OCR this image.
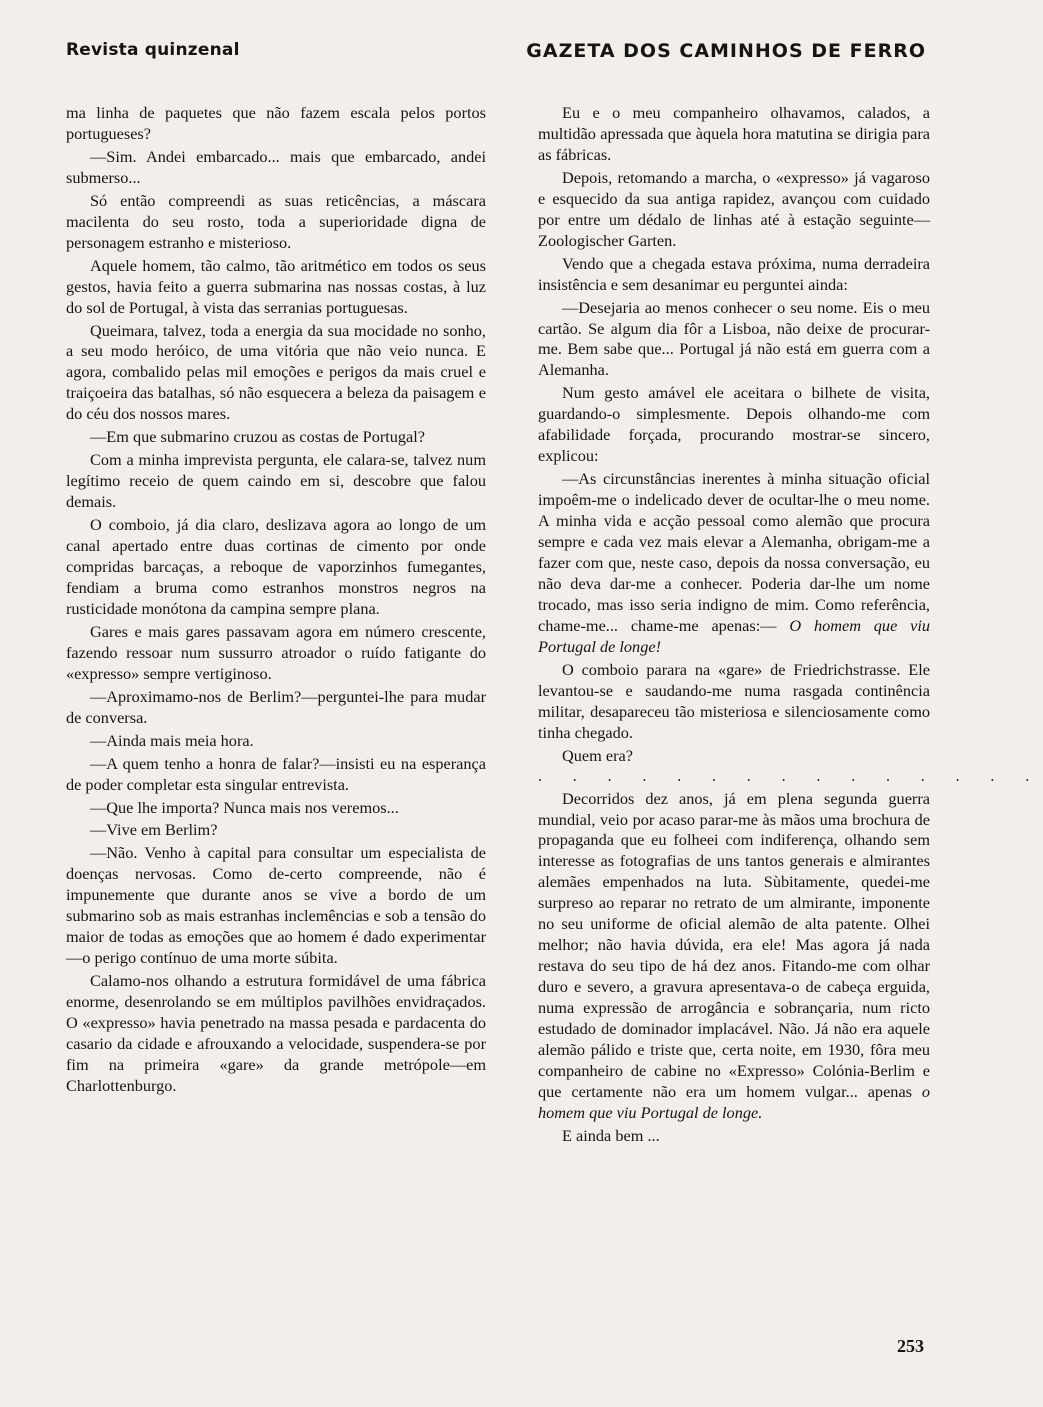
Revista quinzenal	GAZETA DOS CAMINHOS DE FERRO

ma linha de paquetes que não fazem escala pelos portos portugueses?

—Sim. Andei embarcado... mais que embarcado, andei submerso...

Só então compreendi as suas reticências, a máscara macilenta do seu rosto, toda a superioridade digna de personagem estranho e misterioso.

Aquele homem, tão calmo, tão aritmético em todos os seus gestos, havia feito a guerra submarina nas nossas costas, à luz do sol de Portugal, à vista das serranias portuguesas.

Queimara, talvez, toda a energia da sua mocidade no sonho, a seu modo heróico, de uma vitória que não veio nunca. E agora, combalido pelas mil emoções e perigos da mais cruel e traiçoeira das batalhas, só não esquecera a beleza da paisagem e do céu dos nossos mares.

—Em que submarino cruzou as costas de Portugal?

Com a minha imprevista pergunta, ele calara-se, talvez num legítimo receio de quem caindo em si, descobre que falou demais.

O comboio, já dia claro, deslizava agora ao longo de um canal apertado entre duas cortinas de cimento por onde compridas barcaças, a reboque de vaporzinhos fumegantes, fendiam a bruma como estranhos monstros negros na rusticidade monótona da campina sempre plana.

Gares e mais gares passavam agora em número crescente, fazendo ressoar num sussurro atroador o ruído fatigante do «expresso» sempre vertiginoso.

—Aproximamo-nos de Berlim?—perguntei-lhe para mudar de conversa.

—Ainda mais meia hora.

—A quem tenho a honra de falar?—insisti eu na esperança de poder completar esta singular entrevista.

—Que lhe importa? Nunca mais nos veremos...

—Vive em Berlim?

—Não. Venho à capital para consultar um especialista de doenças nervosas. Como de-certo compreende, não é impunemente que durante anos se vive a bordo de um submarino sob as mais estranhas inclemências e sob a tensão do maior de todas as emoções que ao homem é dado experimentar—o perigo contínuo de uma morte súbita.

Calamo-nos olhando a estrutura formidável de uma fábrica enorme, desenrolando se em múltiplos pavilhões envidraçados. O «expresso» havia penetrado na massa pesada e pardacenta do casario da cidade e afrouxando a velocidade, suspendera-se por fim na primeira «gare» da grande metrópole—em Charlottenburgo.

Eu e o meu companheiro olhavamos, calados, a multidão apressada que àquela hora matutina se dirigia para as fábricas.

Depois, retomando a marcha, o «expresso» já vagaroso e esquecido da sua antiga rapidez, avançou com cuidado por entre um dédalo de linhas até à estação seguinte—Zoologischer Garten.

Vendo que a chegada estava próxima, numa derradeira insistência e sem desanimar eu perguntei ainda:

—Desejaria ao menos conhecer o seu nome. Eis o meu cartão. Se algum dia fôr a Lisboa, não deixe de procurar-me. Bem sabe que... Portugal já não está em guerra com a Alemanha.

Num gesto amável ele aceitara o bilhete de visita, guardando-o simplesmente. Depois olhando-me com afabilidade forçada, procurando mostrar-se sincero, explicou:

—As circunstâncias inerentes à minha situação oficial impoêm-me o indelicado dever de ocultar-lhe o meu nome. A minha vida e acção pessoal como alemão que procura sempre e cada vez mais elevar a Alemanha, obrigam-me a fazer com que, neste caso, depois da nossa conversação, eu não deva dar-me a conhecer. Poderia dar-lhe um nome trocado, mas isso seria indigno de mim. Como referência, chame-me... chame-me apenas:— O homem que viu Portugal de longe!

O comboio parara na «gare» de Friedrichstrasse. Ele levantou-se e saudando-me numa rasgada continência militar, desapareceu tão misteriosa e silenciosamente como tinha chegado.

Quem era?

. . . . . . . . . . . . . . .

Decorridos dez anos, já em plena segunda guerra mundial, veio por acaso parar-me às mãos uma brochura de propaganda que eu folheei com indiferença, olhando sem interesse as fotografias de uns tantos generais e almirantes alemães empenhados na luta. Sùbitamente, quedei-me surpreso ao reparar no retrato de um almirante, imponente no seu uniforme de oficial alemão de alta patente. Olhei melhor; não havia dúvida, era ele! Mas agora já nada restava do seu tipo de há dez anos. Fitando-me com olhar duro e severo, a gravura apresentava-o de cabeça erguida, numa expressão de arrogância e sobrançaria, num ricto estudado de dominador implacável. Não. Já não era aquele alemão pálido e triste que, certa noite, em 1930, fôra meu companheiro de cabine no «Expresso» Colónia-Berlim e que certamente não era um homem vulgar... apenas o homem que viu Portugal de longe.

E ainda bem ...

253
